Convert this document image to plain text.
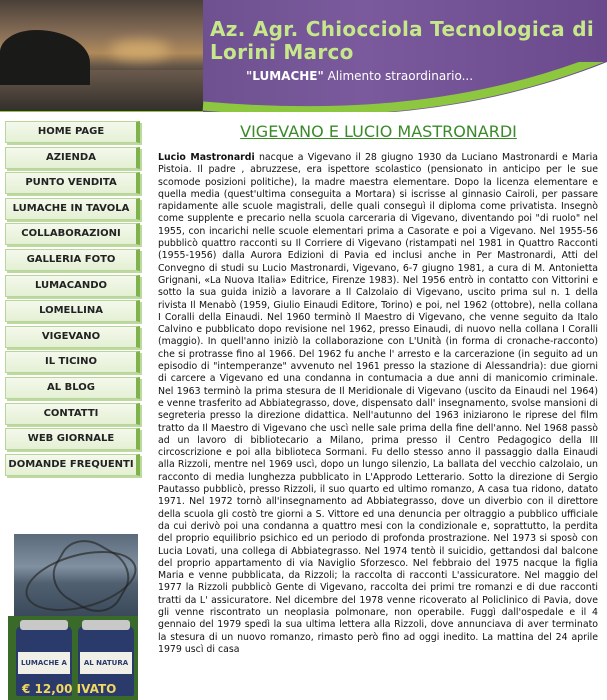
Az. Agr. Chiocciola Tecnologica di Lorini Marco
"LUMACHE" Alimento straordinario...
HOME PAGE
AZIENDA
PUNTO VENDITA
LUMACHE IN TAVOLA
COLLABORAZIONI
GALLERIA FOTO
LUMACANDO
LOMELLINA
VIGEVANO
IL TICINO
AL BLOG
CONTATTI
WEB GIORNALE
DOMANDE FREQUENTI
LUMACHE A	AL NATURA
€ 12,00 IVATO
VIGEVANO E LUCIO MASTRONARDI
Lucio Mastronardi nacque a Vigevano il 28 giugno 1930 da Luciano Mastronardi e Maria Pistoia. Il padre , abruzzese, era ispettore scolastico (pensionato in anticipo per le sue scomode posizioni politiche), la madre maestra elementare. Dopo la licenza elementare e quella media (quest'ultima conseguita a Mortara) si iscrisse al ginnasio Cairoli, per passare rapidamente alle scuole magistrali, delle quali conseguì il diploma come privatista. Insegnò come supplente e precario nella scuola carceraria di Vigevano, diventando poi "di ruolo" nel 1955, con incarichi nelle scuole elementari prima a Casorate e poi a Vigevano. Nel 1955-56 pubblicò quattro racconti su Il Corriere di Vigevano (ristampati nel 1981 in Quattro Racconti (1955-1956) dalla Aurora Edizioni di Pavia ed inclusi anche in Per Mastronardi, Atti del Convegno di studi su Lucio Mastronardi, Vigevano, 6-7 giugno 1981, a cura di M. Antonietta Grignani, «La Nuova Italia» Editrice, Firenze 1983). Nel 1956 entrò in contatto con Vittorini e sotto la sua guida iniziò a lavorare a Il Calzolaio di Vigevano, uscito prima sul n. 1 della rivista Il Menabò (1959, Giulio Einaudi Editore, Torino) e poi, nel 1962 (ottobre), nella collana I Coralli della Einaudi. Nel 1960 terminò Il Maestro di Vigevano, che venne seguito da Italo Calvino e pubblicato dopo revisione nel 1962, presso Einaudi, di nuovo nella collana I Coralli (maggio). In quell'anno iniziò la collaborazione con L'Unità (in forma di cronache-racconto) che si protrasse fino al 1966. Del 1962 fu anche l' arresto e la carcerazione (in seguito ad un episodio di "intemperanze" avvenuto nel 1961 presso la stazione di Alessandria): due giorni di carcere a Vigevano ed una condanna in contumacia a due anni di manicomio criminale. Nel 1963 terminò la prima stesura de Il Meridionale di Vigevano (uscito da Einaudi nel 1964) e venne trasferito ad Abbiategrasso, dove, dispensato dall' insegnamento, svolse mansioni di segreteria presso la direzione didattica. Nell'autunno del 1963 iniziarono le riprese del film tratto da Il Maestro di Vigevano che uscì nelle sale prima della fine dell'anno. Nel 1968 passò ad un lavoro di bibliotecario a Milano, prima presso il Centro Pedagogico della III circoscrizione e poi alla biblioteca Sormani. Fu dello stesso anno il passaggio dalla Einaudi alla Rizzoli, mentre nel 1969 uscì, dopo un lungo silenzio, La ballata del vecchio calzolaio, un racconto di media lunghezza pubblicato in L'Approdo Letterario. Sotto la direzione di Sergio Pautasso pubblicò, presso Rizzoli, il suo quarto ed ultimo romanzo, A casa tua ridono, datato 1971. Nel 1972 tornò all'insegnamento ad Abbiategrasso, dove un diverbio con il direttore della scuola gli costò tre giorni a S. Vittore ed una denuncia per oltraggio a pubblico ufficiale da cui derivò poi una condanna a quattro mesi con la condizionale e, soprattutto, la perdita del proprio equilibrio psichico ed un periodo di profonda prostrazione. Nel 1973 si sposò con Lucia Lovati, una collega di Abbiategrasso. Nel 1974 tentò il suicidio, gettandosi dal balcone del proprio appartamento di via Naviglio Sforzesco. Nel febbraio del 1975 nacque la figlia Maria e venne pubblicata, da Rizzoli; la raccolta di racconti L'assicuratore. Nel maggio del 1977 la Rizzoli pubblicò Gente di Vigevano, raccolta dei primi tre romanzi e di due racconti tratti da L' assicuratore. Nel dicembre del 1978 venne ricoverato al Policlinico di Pavia, dove gli venne riscontrato un neoplasia polmonare, non operabile. Fuggì dall'ospedale e il 4 gennaio del 1979 spedì la sua ultima lettera alla Rizzoli, dove annunciava di aver terminato la stesura di un nuovo romanzo, rimasto però fino ad oggi inedito. La mattina del 24 aprile 1979 uscì di casa
